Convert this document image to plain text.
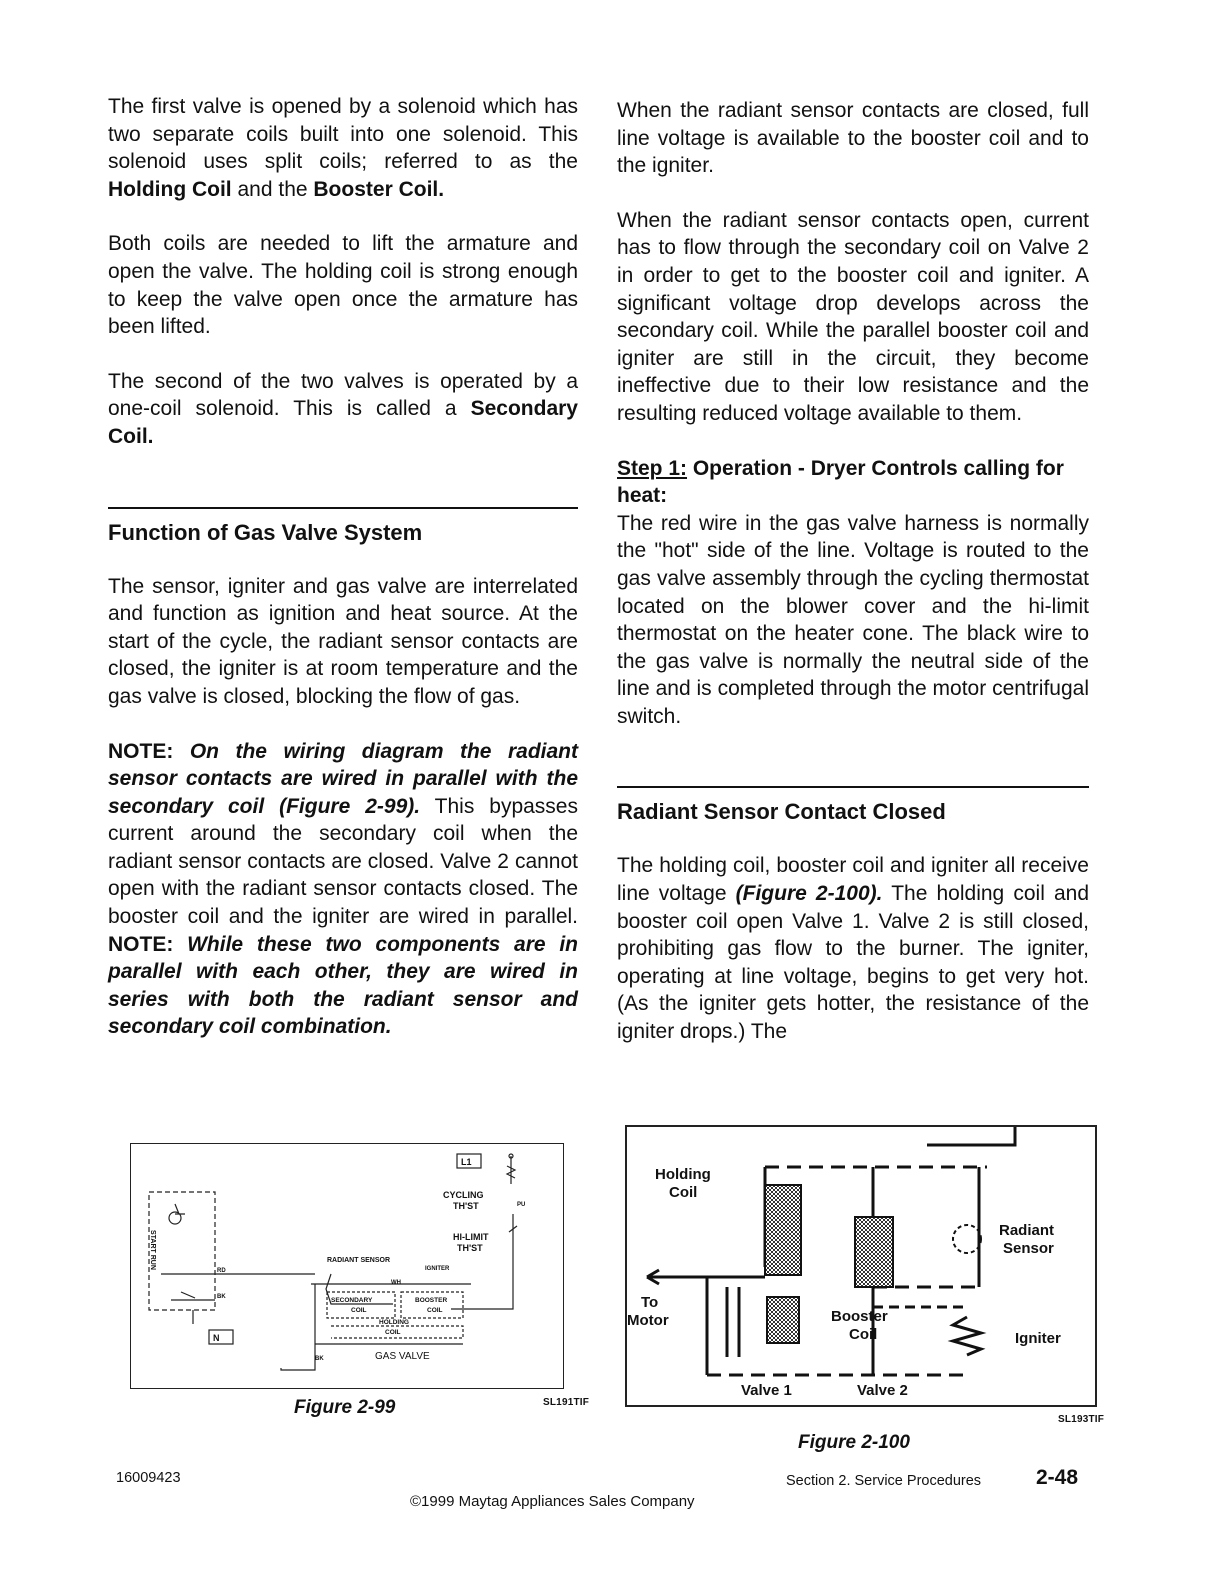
The first valve is opened by a solenoid which has two separate coils built into one solenoid. This solenoid uses split coils; referred to as the Holding Coil and the Booster Coil.

Both coils are needed to lift the armature and open the valve. The holding coil is strong enough to keep the valve open once the armature has been lifted.

The second of the two valves is operated by a one-coil solenoid. This is called a Secondary Coil.

Function of Gas Valve System

The sensor, igniter and gas valve are interrelated and function as ignition and heat source. At the start of the cycle, the radiant sensor contacts are closed, the igniter is at room temperature and the gas valve is closed, blocking the flow of gas.

NOTE: On the wiring diagram the radiant sensor contacts are wired in parallel with the secondary coil (Figure 2-99). This bypasses current around the secondary coil when the radiant sensor contacts are closed. Valve 2 cannot open with the radiant sensor contacts closed. The booster coil and the igniter are wired in parallel. NOTE: While these two components are in parallel with each other, they are wired in series with both the radiant sensor and secondary coil combination.

When the radiant sensor contacts are closed, full line voltage is available to the booster coil and to the igniter.

When the radiant sensor contacts open, current has to flow through the secondary coil on Valve 2 in order to get to the booster coil and igniter. A significant voltage drop develops across the secondary coil. While the parallel booster coil and igniter are still in the circuit, they become ineffective due to their low resistance and the resulting reduced voltage available to them.

Step 1: Operation - Dryer Controls calling for heat:

The red wire in the gas valve harness is normally the "hot" side of the line. Voltage is routed to the gas valve assembly through the cycling thermostat located on the blower cover and the hi-limit thermostat on the heater cone. The black wire to the gas valve is normally the neutral side of the line and is completed through the motor centrifugal switch.

Radiant Sensor Contact Closed

The holding coil, booster coil and igniter all receive line voltage (Figure 2-100). The holding coil and booster coil open Valve 1. Valve 2 is still closed, prohibiting gas flow to the burner. The igniter, operating at line voltage, begins to get very hot. (As the igniter gets hotter, the resistance of the igniter drops.) The

L1
CYCLING
TH'ST	PU
HI-LIMIT
TH'ST
RADIANT SENSOR
IGNITER
SECONDARY
COIL
BOOSTER
COIL
HOLDING
COIL
GAS VALVE
RD
BK
BK
WH
N
START RUN
Figure 2-99	SL191TIF
Holding
Coil
Radiant
Sensor
To
Motor	Booster
Coil	Igniter
Valve 1	Valve 2
SL193TIF
Figure 2-100
16009423
©1999 Maytag Appliances Sales Company
Section 2. Service Procedures	2-48
